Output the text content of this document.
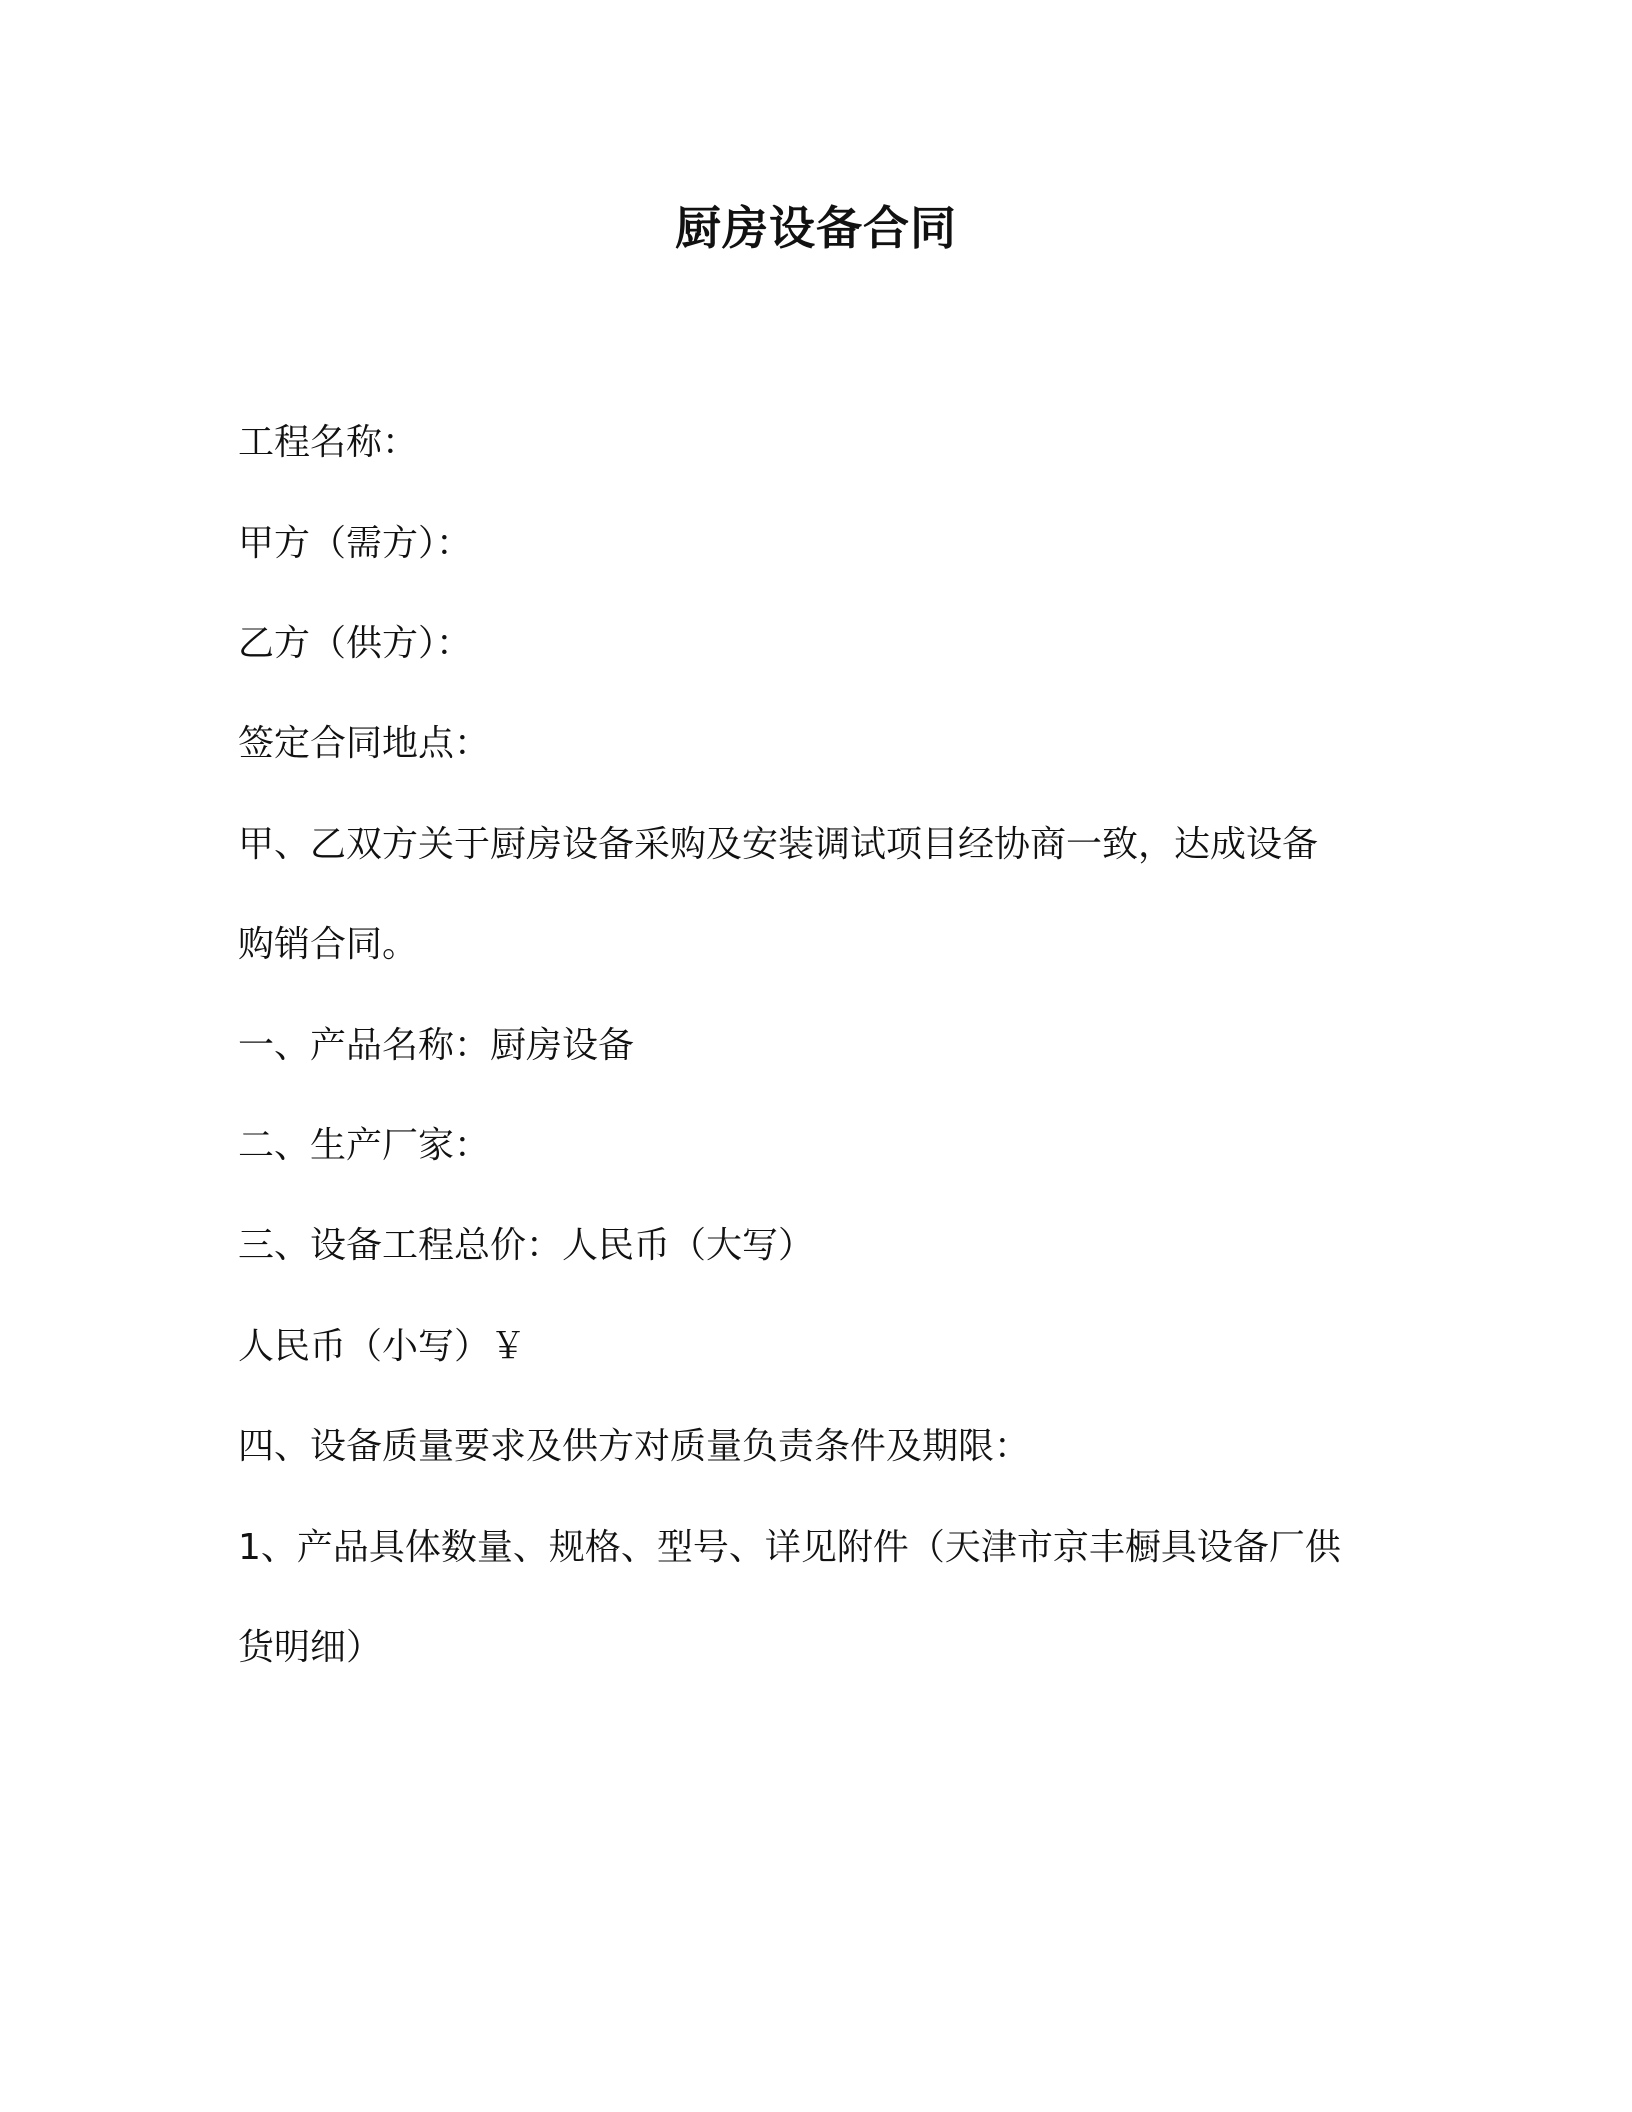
厨房设备合同

工程名称：

甲方（需方）：

乙方（供方）：

签定合同地点：

甲、乙双方关于厨房设备采购及安装调试项目经协商一致，达成设备

购销合同。

一、产品名称：厨房设备

二、生产厂家：

三、设备工程总价：人民币（大写）

人民币（小写）￥

四、设备质量要求及供方对质量负责条件及期限：

1、产品具体数量、规格、型号、详见附件（天津市京丰橱具设备厂供

货明细）
